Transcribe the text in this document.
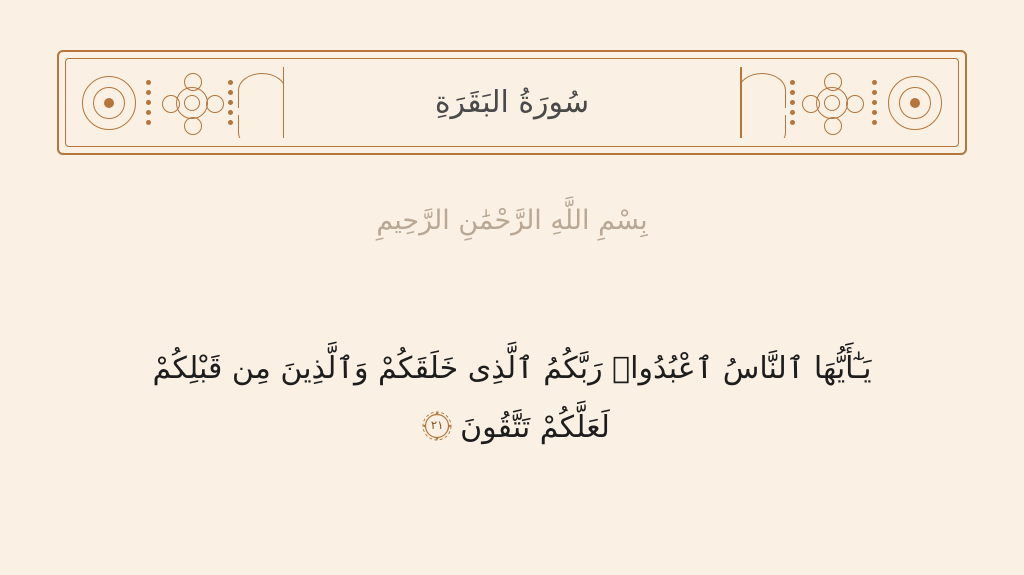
سُورَةُ البَقَرَةِ
بِسْمِ اللَّهِ الرَّحْمَٰنِ الرَّحِيمِ
يَـٰٓأَيُّهَا ٱلنَّاسُ ٱعْبُدُوا۟ رَبَّكُمُ ٱلَّذِى خَلَقَكُمْ وَٱلَّذِينَ مِن قَبْلِكُمْ لَعَلَّكُمْ تَتَّقُونَ
٢١
